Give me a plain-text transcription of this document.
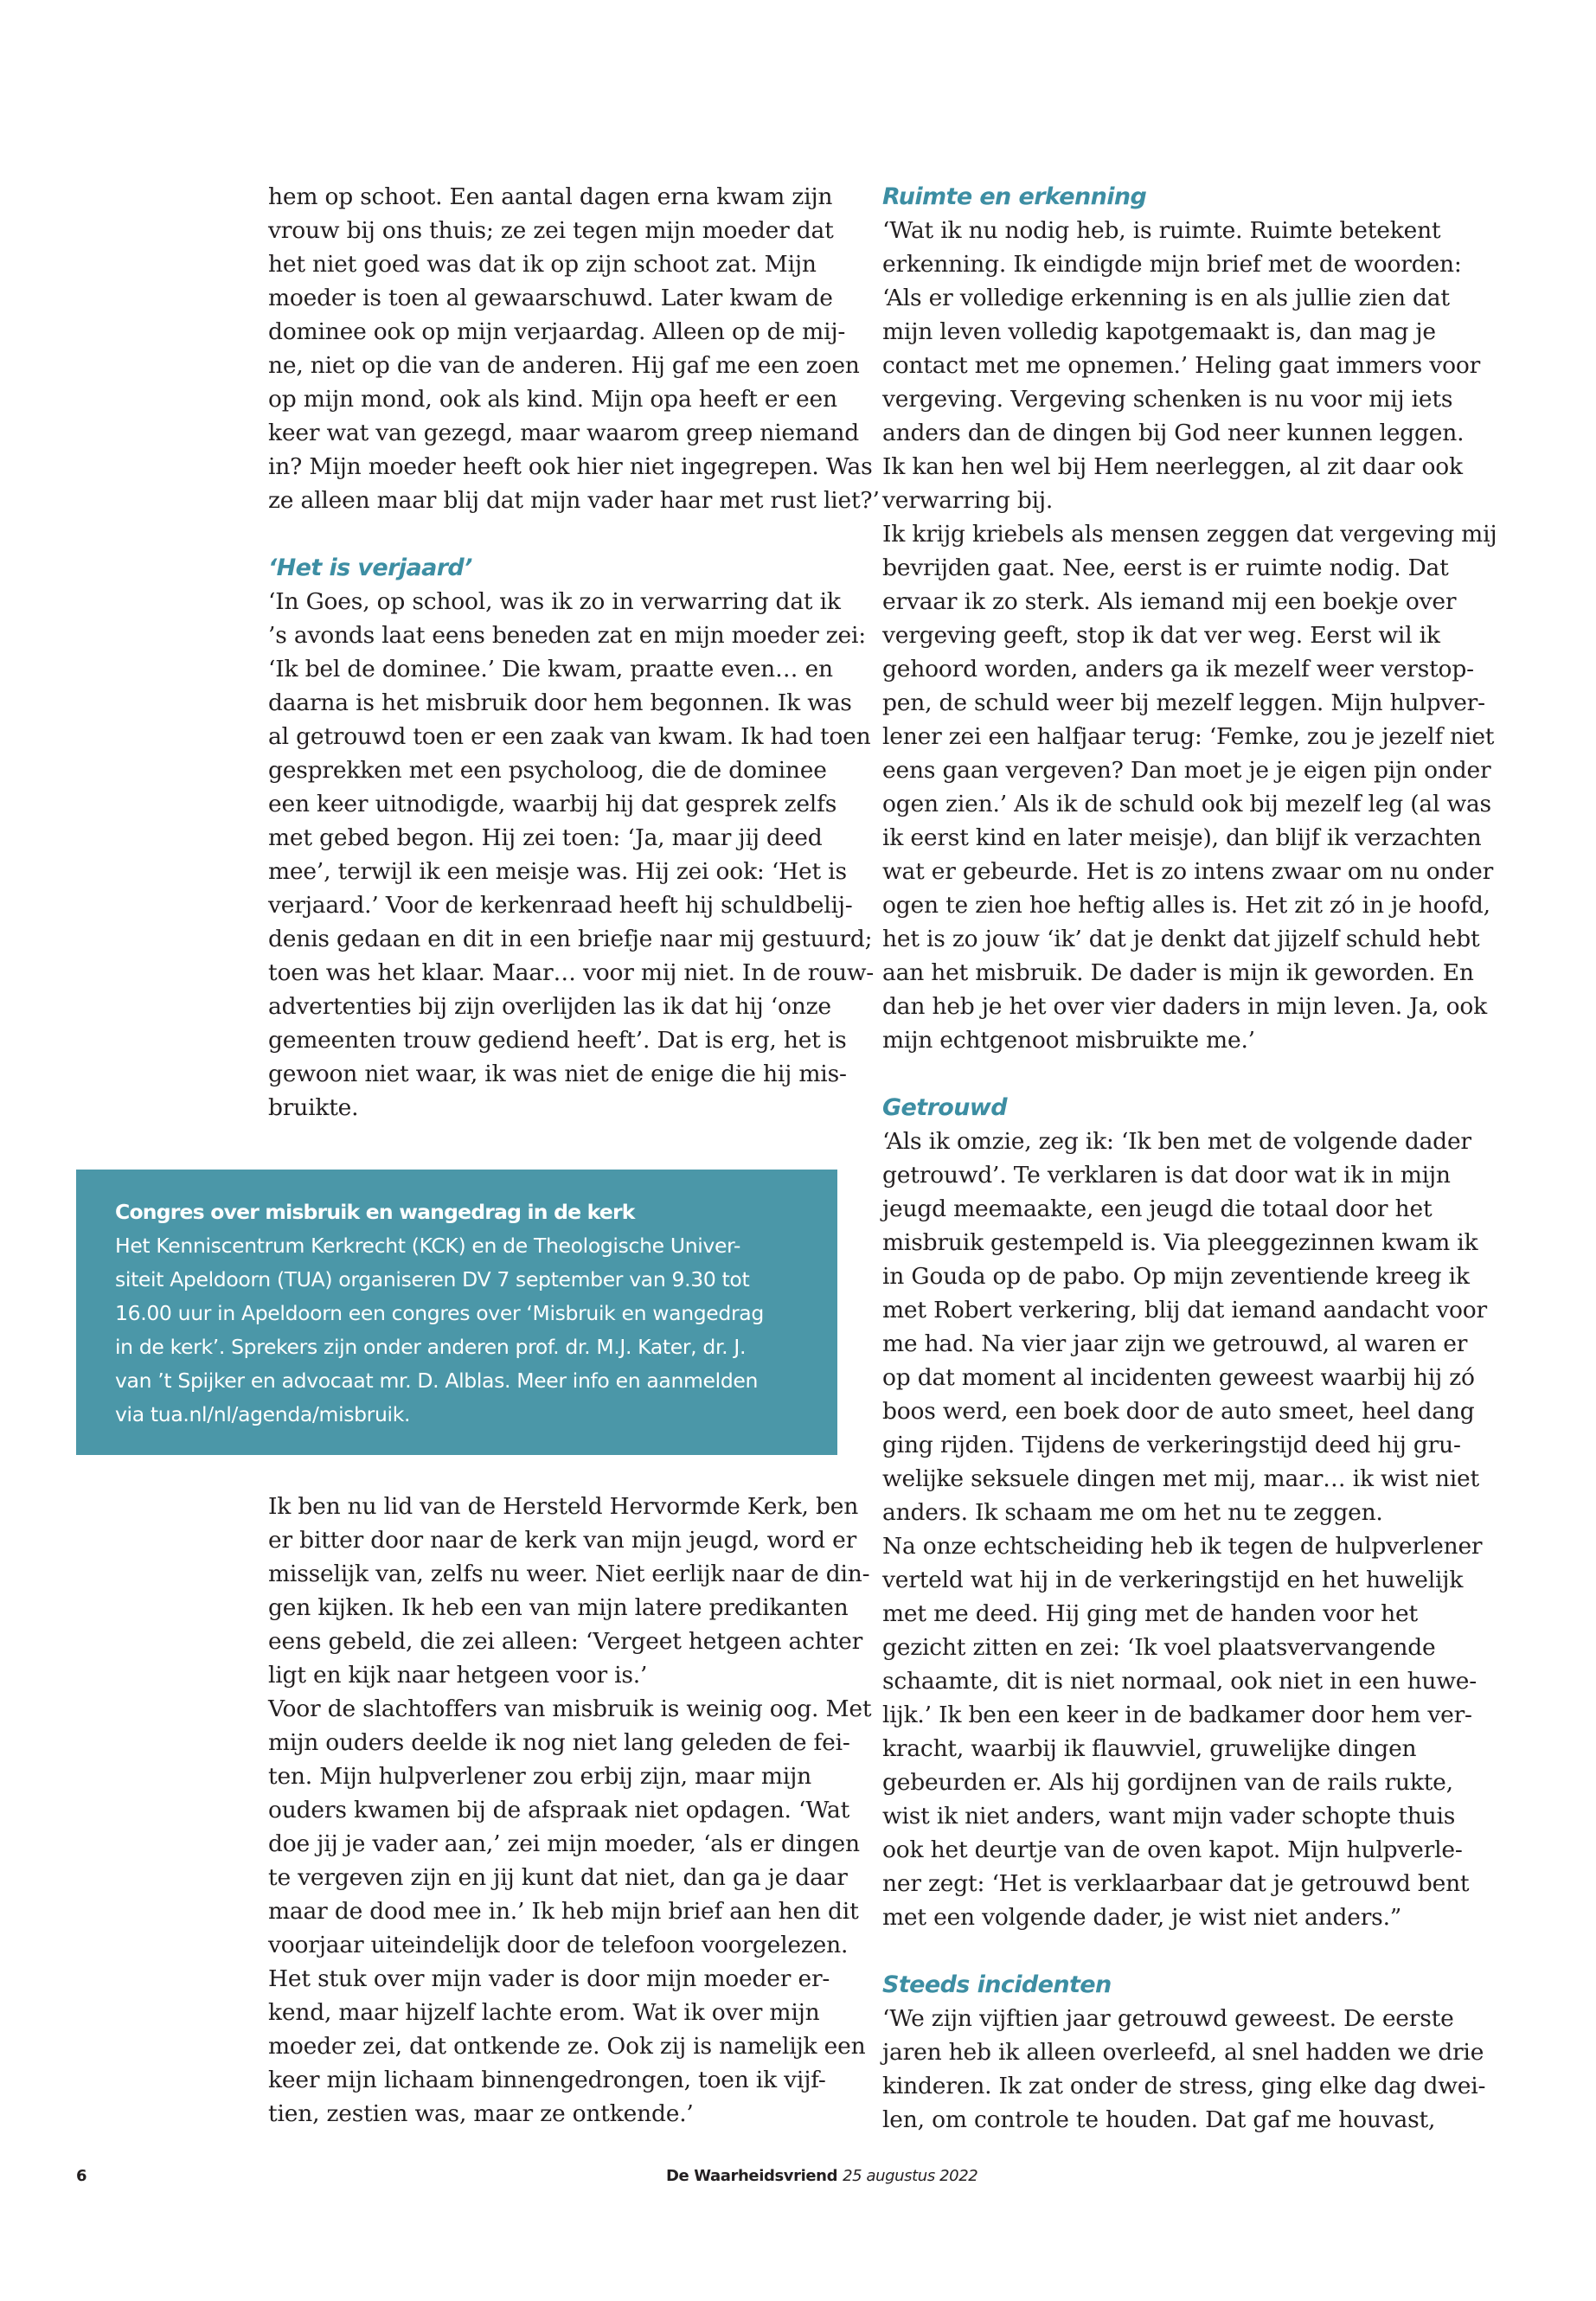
hem op schoot. Een aantal dagen erna kwam zijn
vrouw bij ons thuis; ze zei tegen mijn moeder dat
het niet goed was dat ik op zijn schoot zat. Mijn
moeder is toen al gewaarschuwd. Later kwam de
dominee ook op mijn verjaardag. Alleen op de mij-
ne, niet op die van de anderen. Hij gaf me een zoen
op mijn mond, ook als kind. Mijn opa heeft er een
keer wat van gezegd, maar waarom greep niemand
in? Mijn moeder heeft ook hier niet ingegrepen. Was
ze alleen maar blij dat mijn vader haar met rust liet?’
‘Het is verjaard’
‘In Goes, op school, was ik zo in verwarring dat ik
’s avonds laat eens beneden zat en mijn moeder zei:
‘Ik bel de dominee.’ Die kwam, praatte even… en
daarna is het misbruik door hem begonnen. Ik was
al getrouwd toen er een zaak van kwam. Ik had toen
gesprekken met een psycholoog, die de dominee
een keer uitnodigde, waarbij hij dat gesprek zelfs
met gebed begon. Hij zei toen: ‘Ja, maar jij deed
mee’, terwijl ik een meisje was. Hij zei ook: ‘Het is
verjaard.’ Voor de kerkenraad heeft hij schuldbelij-
denis gedaan en dit in een briefje naar mij gestuurd;
toen was het klaar. Maar… voor mij niet. In de rouw-
advertenties bij zijn overlijden las ik dat hij ‘onze
gemeenten trouw gediend heeft’. Dat is erg, het is
gewoon niet waar, ik was niet de enige die hij mis-
bruikte.
Congres over misbruik en wangedrag in de kerk
Het Kenniscentrum Kerkrecht (KCK) en de Theologische Univer-
siteit Apeldoorn (TUA) organiseren DV 7 september van 9.30 tot
16.00 uur in Apeldoorn een congres over ‘Misbruik en wangedrag
in de kerk’. Sprekers zijn onder anderen prof. dr. M.J. Kater, dr. J.
van ’t Spijker en advocaat mr. D. Alblas. Meer info en aanmelden
via tua.nl/nl/agenda/misbruik.
Ik ben nu lid van de Hersteld Hervormde Kerk, ben
er bitter door naar de kerk van mijn jeugd, word er
misselijk van, zelfs nu weer. Niet eerlijk naar de din-
gen kijken. Ik heb een van mijn latere predikanten
eens gebeld, die zei alleen: ‘Vergeet hetgeen achter
ligt en kijk naar hetgeen voor is.’
Voor de slachtoffers van misbruik is weinig oog. Met
mijn ouders deelde ik nog niet lang geleden de fei-
ten. Mijn hulpverlener zou erbij zijn, maar mijn
ouders kwamen bij de afspraak niet opdagen. ‘Wat
doe jij je vader aan,’ zei mijn moeder, ‘als er dingen
te vergeven zijn en jij kunt dat niet, dan ga je daar
maar de dood mee in.’ Ik heb mijn brief aan hen dit
voorjaar uiteindelijk door de telefoon voorgelezen.
Het stuk over mijn vader is door mijn moeder er-
kend, maar hijzelf lachte erom. Wat ik over mijn
moeder zei, dat ontkende ze. Ook zij is namelijk een
keer mijn lichaam binnengedrongen, toen ik vijf-
tien, zestien was, maar ze ontkende.’
Ruimte en erkenning
‘Wat ik nu nodig heb, is ruimte. Ruimte betekent
erkenning. Ik eindigde mijn brief met de woorden:
‘Als er volledige erkenning is en als jullie zien dat
mijn leven volledig kapotgemaakt is, dan mag je
contact met me opnemen.’ Heling gaat immers voor
vergeving. Vergeving schenken is nu voor mij iets
anders dan de dingen bij God neer kunnen leggen.
Ik kan hen wel bij Hem neerleggen, al zit daar ook
verwarring bij.
Ik krijg kriebels als mensen zeggen dat vergeving mij
bevrijden gaat. Nee, eerst is er ruimte nodig. Dat
ervaar ik zo sterk. Als iemand mij een boekje over
vergeving geeft, stop ik dat ver weg. Eerst wil ik
gehoord worden, anders ga ik mezelf weer verstop-
pen, de schuld weer bij mezelf leggen. Mijn hulpver-
lener zei een halfjaar terug: ‘Femke, zou je jezelf niet
eens gaan vergeven? Dan moet je je eigen pijn onder
ogen zien.’ Als ik de schuld ook bij mezelf leg (al was
ik eerst kind en later meisje), dan blijf ik verzachten
wat er gebeurde. Het is zo intens zwaar om nu onder
ogen te zien hoe heftig alles is. Het zit zó in je hoofd,
het is zo jouw ‘ik’ dat je denkt dat jijzelf schuld hebt
aan het misbruik. De dader is mijn ik geworden. En
dan heb je het over vier daders in mijn leven. Ja, ook
mijn echtgenoot misbruikte me.’
Getrouwd
‘Als ik omzie, zeg ik: ‘Ik ben met de volgende dader
getrouwd’. Te verklaren is dat door wat ik in mijn
jeugd meemaakte, een jeugd die totaal door het
misbruik gestempeld is. Via pleeggezinnen kwam ik
in Gouda op de pabo. Op mijn zeventiende kreeg ik
met Robert verkering, blij dat iemand aandacht voor
me had. Na vier jaar zijn we getrouwd, al waren er
op dat moment al incidenten geweest waarbij hij zó
boos werd, een boek door de auto smeet, heel dang
ging rijden. Tijdens de verkeringstijd deed hij gru-
welijke seksuele dingen met mij, maar… ik wist niet
anders. Ik schaam me om het nu te zeggen.
Na onze echtscheiding heb ik tegen de hulpverlener
verteld wat hij in de verkeringstijd en het huwelijk
met me deed. Hij ging met de handen voor het
gezicht zitten en zei: ‘Ik voel plaatsvervangende
schaamte, dit is niet normaal, ook niet in een huwe-
lijk.’ Ik ben een keer in de badkamer door hem ver-
kracht, waarbij ik flauwviel, gruwelijke dingen
gebeurden er. Als hij gordijnen van de rails rukte,
wist ik niet anders, want mijn vader schopte thuis
ook het deurtje van de oven kapot. Mijn hulpverle-
ner zegt: ‘Het is verklaarbaar dat je getrouwd bent
met een volgende dader, je wist niet anders.”
Steeds incidenten
‘We zijn vijftien jaar getrouwd geweest. De eerste
jaren heb ik alleen overleefd, al snel hadden we drie
kinderen. Ik zat onder de stress, ging elke dag dwei-
len, om controle te houden. Dat gaf me houvast,
6	De Waarheidsvriend 25 augustus 2022
